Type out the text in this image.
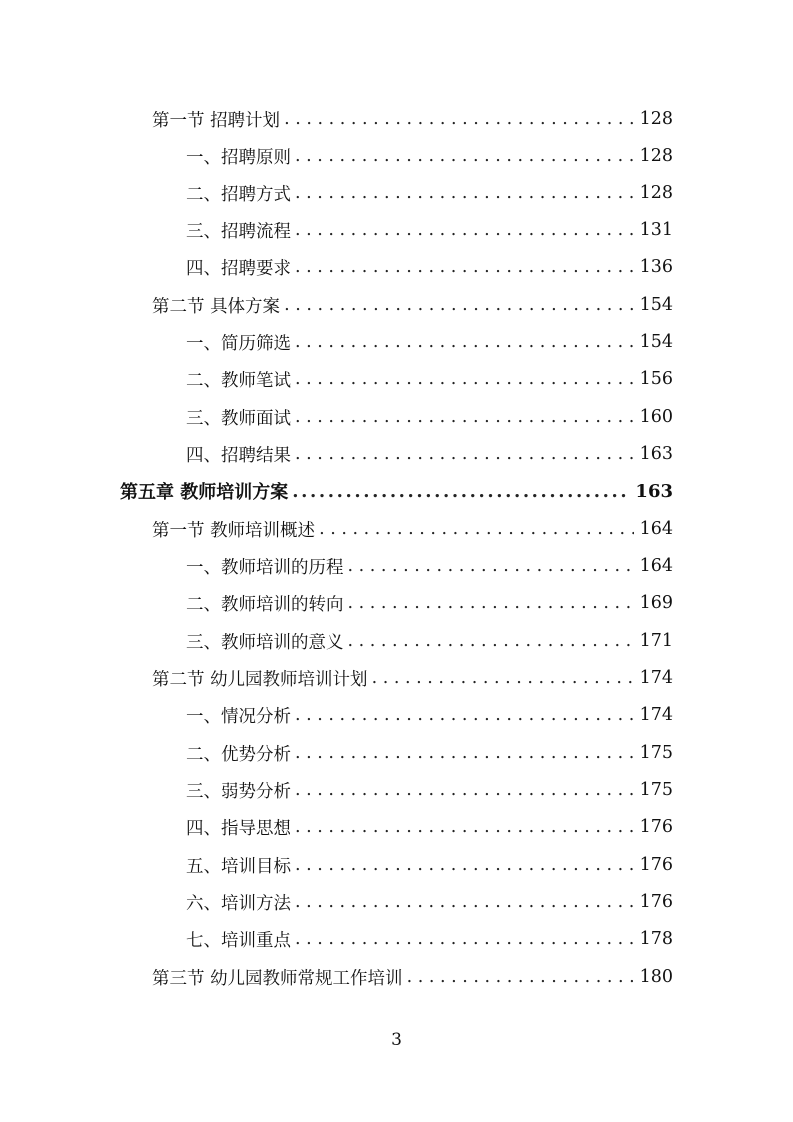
第一节 招聘计划 . . .	128
一、招聘原则 . . .	128
二、招聘方式 . . .	128
三、招聘流程 . . .	131
四、招聘要求 . . .	136
第二节 具体方案 . . .	154
一、简历筛选 . . .	154
二、教师笔试 . . .	156
三、教师面试 . . .	160
四、招聘结果 . . .	163
第五章 教师培训方案 .....	163
第一节 教师培训概述 . . .	164
一、教师培训的历程 . . .	164
二、教师培训的转向 . . .	169
三、教师培训的意义 . . .	171
第二节 幼儿园教师培训计划 . . .	174
一、情况分析 . . .	174
二、优势分析 . . .	175
三、弱势分析 . . .	175
四、指导思想 . . .	176
五、培训目标 . . .	176
六、培训方法 . . .	176
七、培训重点 . . .	178
第三节 幼儿园教师常规工作培训 . . .	180
3
